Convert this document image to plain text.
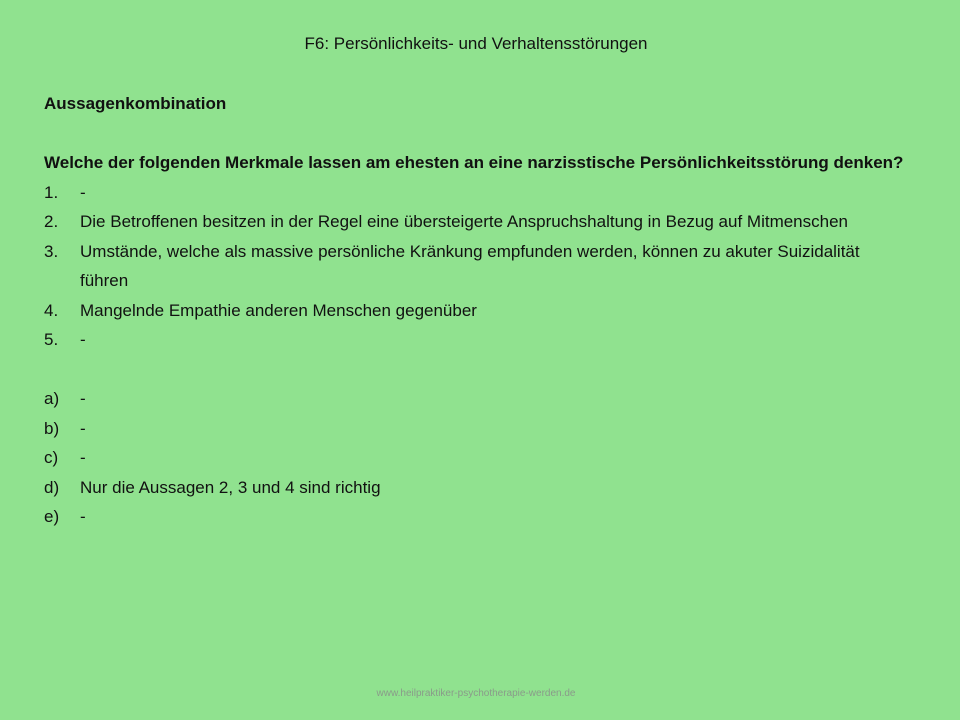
F6: Persönlichkeits- und Verhaltensstörungen

Aussagenkombination

Welche der folgenden Merkmale lassen am ehesten an eine narzisstische Persönlichkeitsstörung denken?

1.	-
2.	Die Betroffenen besitzen in der Regel eine übersteigerte Anspruchshaltung in Bezug auf Mitmenschen
3.	Umstände, welche als massive persönliche Kränkung empfunden werden, können zu akuter Suizidalität führen
4.	Mangelnde Empathie anderen Menschen gegenüber
5.	-
a)	-
b)	-
c)	-
d)	Nur die Aussagen 2, 3 und 4 sind richtig
e)	-
www.heilpraktiker-psychotherapie-werden.de
